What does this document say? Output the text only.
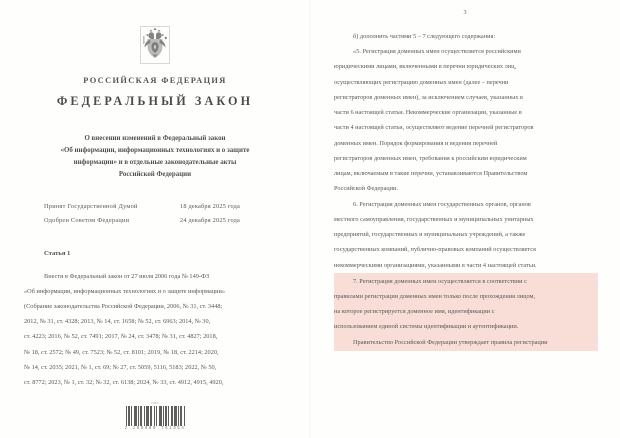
РОССИЙСКАЯ ФЕДЕРАЦИЯ
ФЕДЕРАЛЬНЫЙ ЗАКОН
О внесении изменений в Федеральный закон
«Об информации, информационных технологиях и о защите
информации» и в отдельные законодательные акты
Российской Федерации
Принят Государственной Думой	18 декабря 2025 года
Одобрен Советом Федерации	24 декабря 2025 года
Статья 1

Внести в Федеральный закон от 27 июля 2006 года № 149-ФЗ

«Об информации, информационных технологиях и о защите информации»

(Собрание законодательства Российской Федерации, 2006, № 31, ст. 3448;

2012, № 31, ст. 4328; 2013, № 14, ст. 1658; № 52, ст. 6963; 2014, № 30,

ст. 4223; 2016, № 52, ст. 7491; 2017, № 24, ст. 3478; № 31, ст. 4827; 2018,

№ 18, ст. 2572; № 49, ст. 7523; № 52, ст. 8101; 2019, № 18, ст. 2214; 2020,

№ 14, ст. 2035; 2021, № 1, ст. 69; № 27, ст. 5059, 5116, 5183; 2022, № 50,

ст. 8772; 2023, № 1, ст. 32; № 32, ст. 6138; 2024, № 33, ст. 4912, 4915, 4920,

ISBN
2 100000 751954
3

б) дополнить частями 5 – 7 следующего содержания:

«5. Регистрация доменных имен осуществляется российскими

юридическими лицами, включенными в перечни юридических лиц,

осуществляющих регистрацию доменных имен (далее – перечни

регистраторов доменных имен), за исключением случаев, указанных в

части 6 настоящей статьи. Некоммерческие организации, указанные в

части 4 настоящей статьи, осуществляют ведение перечней регистраторов

доменных имен. Порядок формирования и ведения перечней

регистраторов доменных имен, требования к российским юридическим

лицам, включаемым в такие перечни, устанавливаются Правительством

Российской Федерации.

6. Регистрация доменных имен государственных органов, органов

местного самоуправления, государственных и муниципальных унитарных

предприятий, государственных и муниципальных учреждений, а также

государственных компаний, публично-правовых компаний осуществляется

некоммерческими организациями, указанными в части 4 настоящей статьи.

7. Регистрация доменных имен осуществляется в соответствии с

правилами регистрации доменных имен только после прохождения лицом,

на которое регистрируется доменное имя, идентификации с

использованием единой системы идентификации и аутентификации.

Правительство Российской Федерации утверждает правила регистрации
